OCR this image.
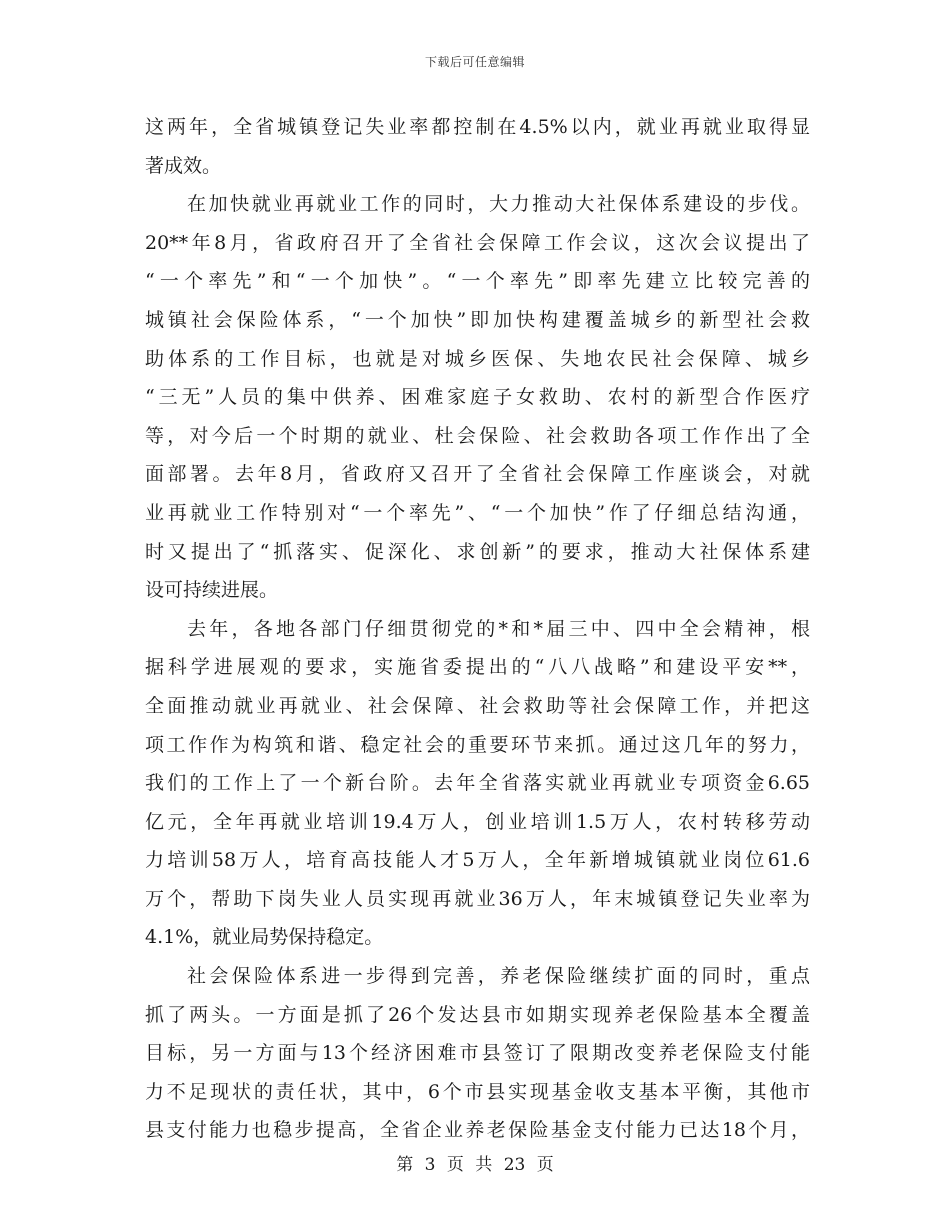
下载后可任意编辑
这两年，全省城镇登记失业率都控制在4.5%以内，就业再就业取得显
著成效。
在加快就业再就业工作的同时，大力推动大社保体系建设的步伐。
20**年8月，省政府召开了全省社会保障工作会议，这次会议提出了
“一个率先”和“一个加快”。“一个率先”即率先建立比较完善的
城镇社会保险体系，“一个加快”即加快构建覆盖城乡的新型社会救
助体系的工作目标，也就是对城乡医保、失地农民社会保障、城乡
“三无”人员的集中供养、困难家庭子女救助、农村的新型合作医疗
等，对今后一个时期的就业、杜会保险、社会救助各项工作作出了全
面部署。去年8月，省政府又召开了全省社会保障工作座谈会，对就
业再就业工作特别对“一个率先”、“一个加快”作了仔细总结沟通，
时又提出了“抓落实、促深化、求创新”的要求，推动大社保体系建
设可持续进展。
去年，各地各部门仔细贯彻党的*和*届三中、四中全会精神，根
据科学进展观的要求，实施省委提出的“八八战略”和建设平安**，
全面推动就业再就业、社会保障、社会救助等社会保障工作，并把这
项工作作为构筑和谐、稳定社会的重要环节来抓。通过这几年的努力，
我们的工作上了一个新台阶。去年全省落实就业再就业专项资金6.65
亿元，全年再就业培训19.4万人，创业培训1.5万人，农村转移劳动
力培训58万人，培育高技能人才5万人，全年新增城镇就业岗位61.6
万个，帮助下岗失业人员实现再就业36万人，年末城镇登记失业率为
4.1%，就业局势保持稳定。
社会保险体系进一步得到完善，养老保险继续扩面的同时，重点
抓了两头。一方面是抓了26个发达县市如期实现养老保险基本全覆盖
目标，另一方面与13个经济困难市县签订了限期改变养老保险支付能
力不足现状的责任状，其中，6个市县实现基金收支基本平衡，其他市
县支付能力也稳步提高，全省企业养老保险基金支付能力已达18个月，
第 3 页 共 23 页
